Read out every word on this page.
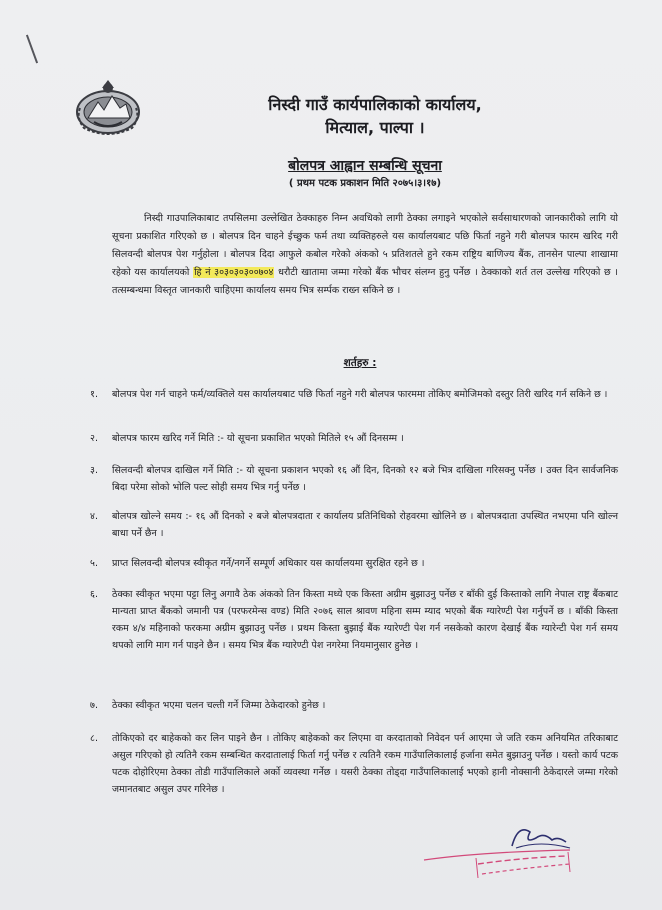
निस्दी गाउँ कार्यपालिकाको कार्यालय,
मित्याल, पाल्पा ।
बोलपत्र आह्वान सम्बन्धि सूचना
( प्रथम पटक प्रकाशन मिति २०७५।३।१७)
निस्दी गाउपालिकाबाट तपसिलमा उल्लेखित ठेक्काहरु निम्न अवधिको लागी ठेक्का लगाइने भएकोले सर्वसाधारणको जानकारीको लागि यो सूचना प्रकाशित गरिएको छ । बोलपत्र दिन चाहने ईच्छुक फर्म तथा व्यक्तिहरुले यस कार्यालयबाट पछि फिर्ता नहुने गरी बोलपत्र फारम खरिद गरी सिलवन्दी बोलपत्र पेश गर्नुहोला । बोलपत्र दिदा आफुले कबोल गरेको अंकको ५ प्रतिशतले हुने रकम राष्ट्रिय बाणिज्य बैंक, तानसेन पाल्पा शाखामा रहेको यस कार्यालयको हि नं ३०३०३०३००७०४ धरौटी खातामा जम्मा गरेको बैंक भौचर संलग्न हुनु पर्नेछ । ठेक्काको शर्त तल उल्लेख गरिएको छ । तत्सम्बन्धमा विस्तृत जानकारी चाहिएमा कार्यालय समय भित्र सर्म्पक राख्न सकिने छ ।
शर्तहरु :
१.	बोलपत्र पेश गर्न चाहने फर्म/व्यक्तिले यस कार्यालयबाट पछि फिर्ता नहुने गरी बोलपत्र फारममा तोकिए बमोजिमको दस्तुर तिरी खरिद गर्न सकिने छ ।
२.	बोलपत्र फारम खरिद गर्ने मिति :- यो सूचना प्रकाशित भएको मितिले १५ औं दिनसम्म ।
३.	सिलवन्दी बोलपत्र दाखिल गर्ने मिति :- यो सूचना प्रकाशन भएको १६ औं दिन, दिनको १२ बजे भित्र दाखिला गरिसक्नु पर्नेछ । उक्त दिन सार्वजनिक बिदा परेमा सोको भोलि पल्ट सोही समय भित्र गर्नु पर्नेछ ।
४.	बोलपत्र खोल्ने समय :- १६ औं दिनको २ बजे बोलपत्रदाता र कार्यालय प्रतिनिधिको रोहवरमा खोलिने छ । बोलपत्रदाता उपस्थित नभएमा पनि खोल्न बाधा पर्ने छैन ।
५.	प्राप्त सिलवन्दी बोलपत्र स्वीकृत गर्ने/नगर्ने सम्पूर्ण अधिकार यस कार्यालयमा सुरक्षित रहने छ ।
६.	ठेक्का स्वीकृत भएमा पट्टा लिनु अगावै ठेक अंकको तिन किस्ता मध्ये एक किस्ता अग्रीम बुझाउनु पर्नेछ र बाँकी दुई किस्ताको लागि नेपाल राष्ट्र बैंकबाट मान्यता प्राप्त बैंकको जमानी पत्र (परफरमेन्स वण्ड) मिति २०७६ साल श्रावण महिना सम्म म्याद भएको बैंक ग्यारेण्टी पेश गर्नुपर्ने छ । बाँकी किस्ता रकम ४/४ महिनाको फरकमा अग्रीम बुझाउनु पर्नेछ । प्रथम किस्ता बुझाई बैंक ग्यारेण्टी पेश गर्न नसकेको कारण देखाई बैंक ग्यारेन्टी पेश गर्न समय थपको लागि माग गर्न पाइने छैन । समय भित्र बैंक ग्यारेण्टी पेश नगरेमा नियमानुसार हुनेछ ।
७.	ठेक्का स्वीकृत भएमा चलन चल्ती गर्ने जिम्मा ठेकेदारको हुनेछ ।
८.	तोकिएको दर बाहेकको कर लिन पाइने छैन । तोकिए बाहेकको कर लिएमा वा करदाताको निवेदन पर्न आएमा जे जति रकम अनियमित तरिकाबाट असुल गरिएको हो त्यतिनै रकम सम्बन्धित करदातालाई फिर्ता गर्नु पर्नेछ र त्यतिनै रकम गाउँपालिकालाई हर्जाना समेत बुझाउनु पर्नेछ । यस्तो कार्य पटक पटक दोहोरिएमा ठेक्का तोडी गाउँपालिकाले अर्को व्यवस्था गर्नेछ । यसरी ठेक्का तोड्दा गाउँपालिकालाई भएको हानी नोक्सानी ठेकेदारले जम्मा गरेको जमानतबाट असुल उपर गरिनेछ ।
